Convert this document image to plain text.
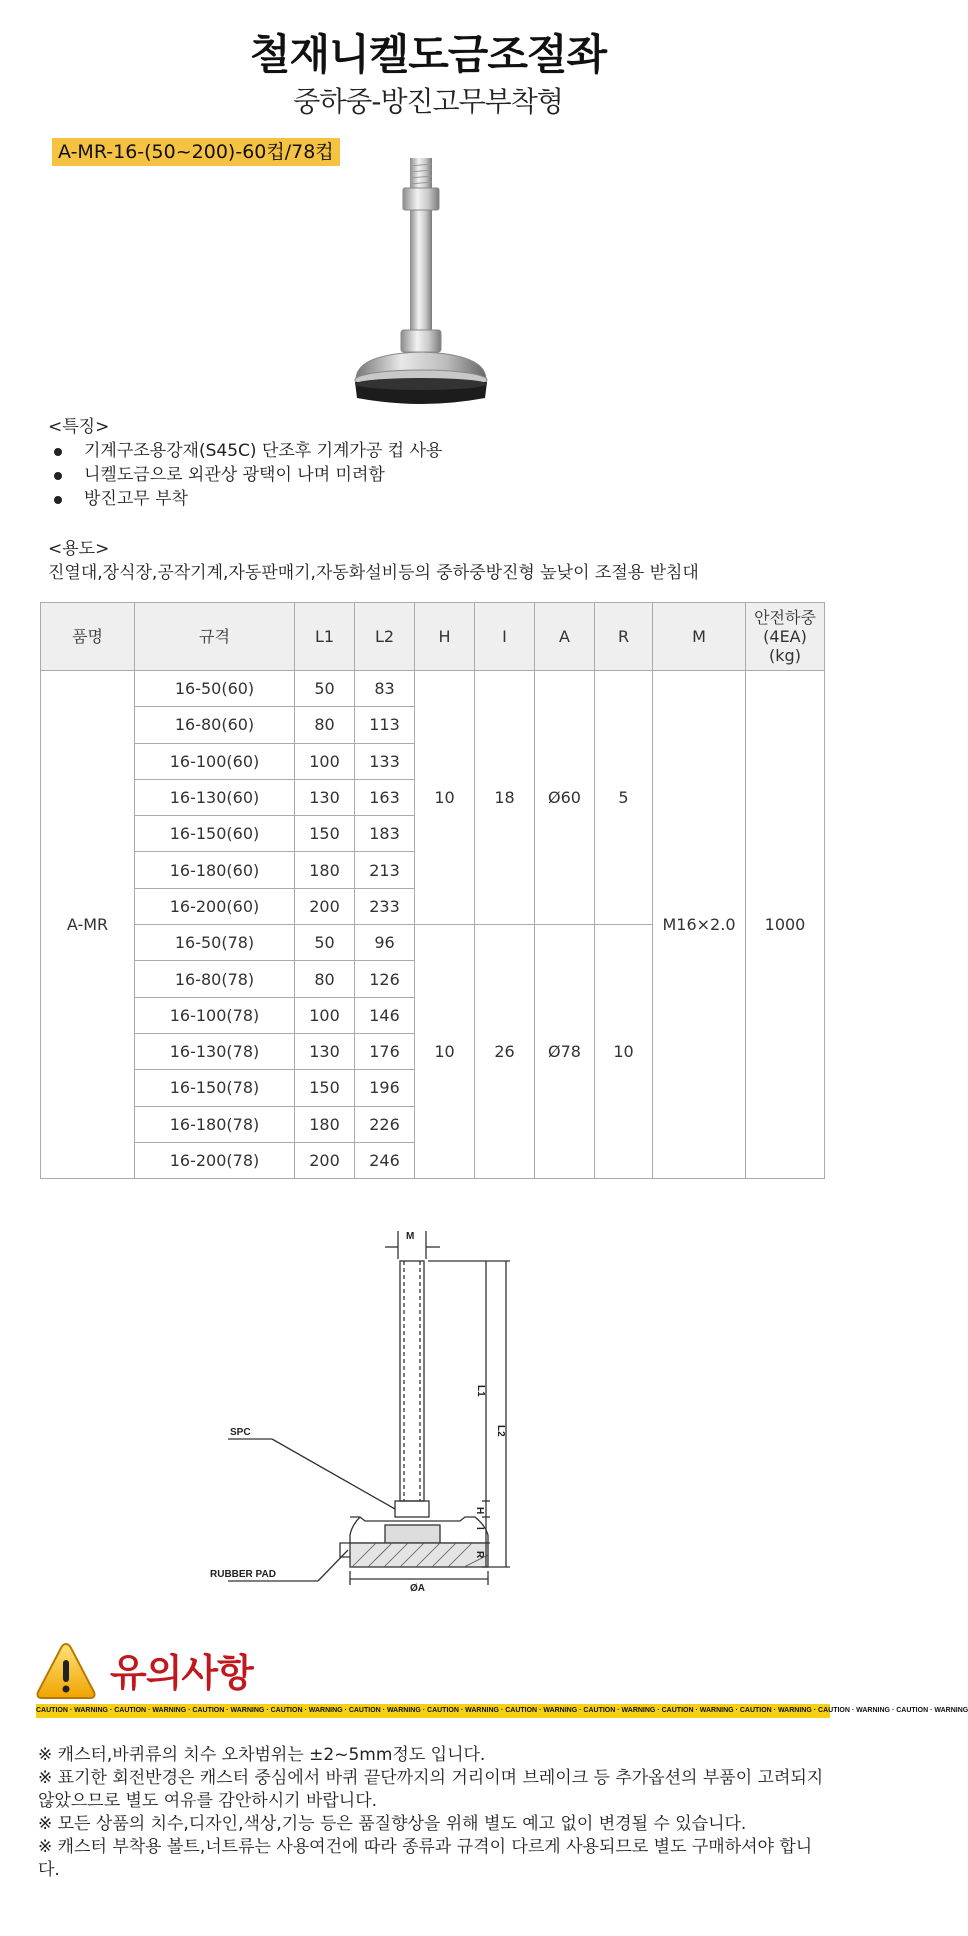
철재니켈도금조절좌
중하중-방진고무부착형
A-MR-16-(50~200)-60컵/78컵
<특징>
기계구조용강재(S45C) 단조후 기계가공 컵 사용
니켈도금으로 외관상 광택이 나며 미려함
방진고무 부착
<용도>
진열대,장식장,공작기계,자동판매기,자동화설비등의 중하중방진형 높낮이 조절용 받침대
품명	규격	L1	L2	H	I	A	R	M	안전하중
(4EA)
(kg)
A-MR	16-50(60)	50	83	10	18	Ø60	5	M16×2.0	1000
	16-80(60)	80	113						
	16-100(60)	100	133						
	16-130(60)	130	163						
	16-150(60)	150	183						
	16-180(60)	180	213						
	16-200(60)	200	233						
	16-50(78)	50	96	10	26	Ø78	10		
	16-80(78)	80	126						
	16-100(78)	100	146						
	16-130(78)	130	176						
	16-150(78)	150	196						
	16-180(78)	180	226						
	16-200(78)	200	246						
M
L1
L2
H
I
R
ØA
SPC
RUBBER PAD
유의사항
CAUTION · WARNING · CAUTION · WARNING · CAUTION · WARNING · CAUTION · WARNING · CAUTION · WARNING · CAUTION · WARNING · CAUTION · WARNING · CAUTION · WARNING · CAUTION · WARNING · CAUTION · WARNING · CAUTION · WARNING · CAUTION · WARNING

※ 캐스터,바퀴류의 치수 오차범위는 ±2~5mm정도 입니다.

※ 표기한 회전반경은 캐스터 중심에서 바퀴 끝단까지의 거리이며 브레이크 등 추가옵션의 부품이 고려되지 않았으므로 별도 여유를 감안하시기 바랍니다.

※ 모든 상품의 치수,디자인,색상,기능 등은 품질향상을 위해 별도 예고 없이 변경될 수 있습니다.

※ 캐스터 부착용 볼트,너트류는 사용여건에 따라 종류과 규격이 다르게 사용되므로 별도 구매하셔야 합니다.
